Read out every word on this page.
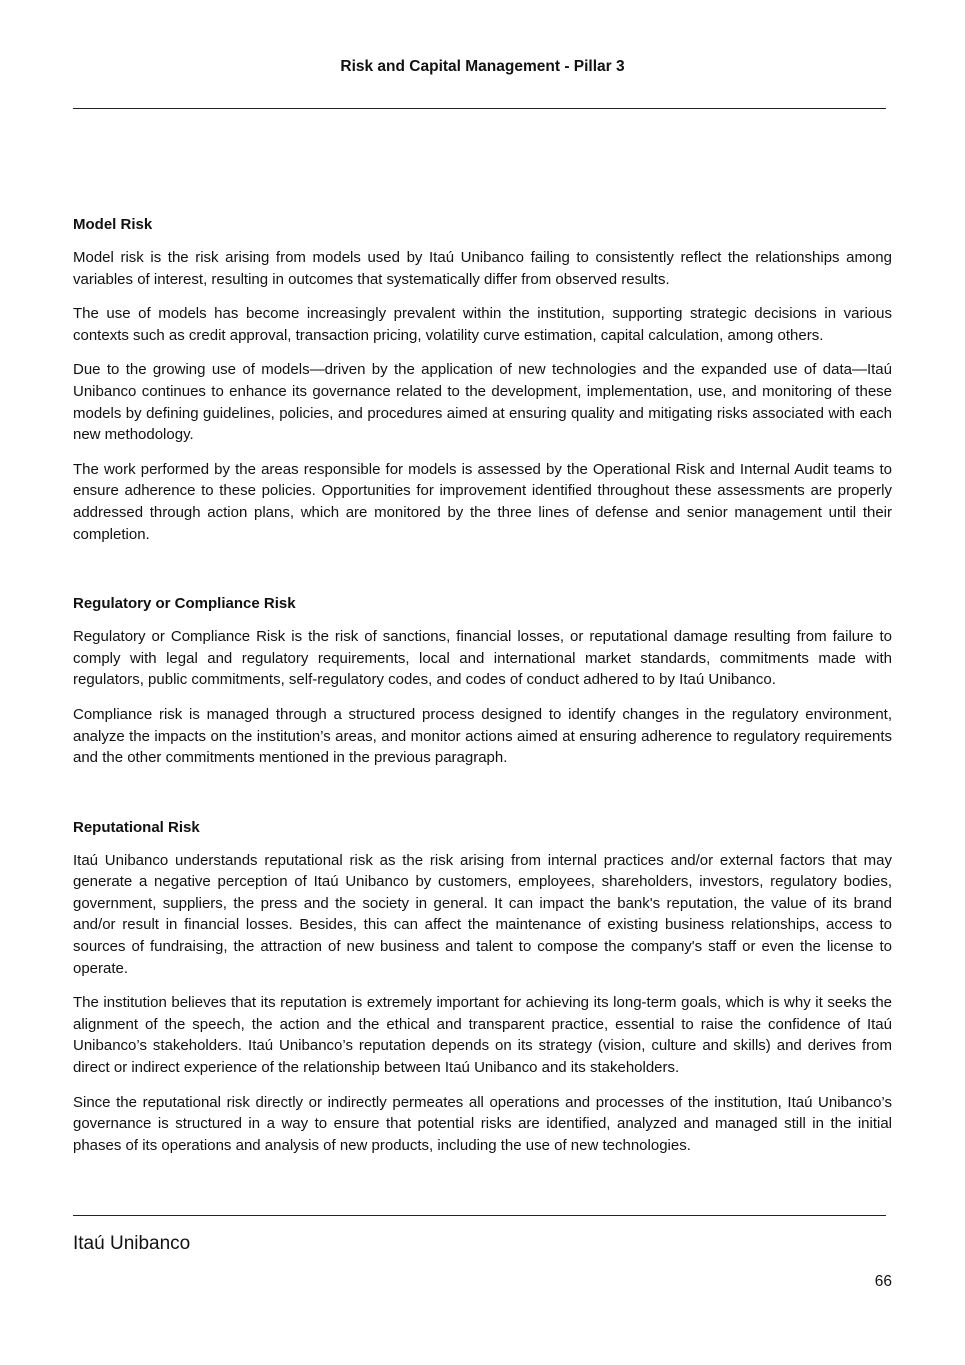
Risk and Capital Management - Pillar 3
Model Risk

Model risk is the risk arising from models used by Itaú Unibanco failing to consistently reflect the relationships among variables of interest, resulting in outcomes that systematically differ from observed results.

The use of models has become increasingly prevalent within the institution, supporting strategic decisions in various contexts such as credit approval, transaction pricing, volatility curve estimation, capital calculation, among others.

Due to the growing use of models—driven by the application of new technologies and the expanded use of data—Itaú Unibanco continues to enhance its governance related to the development, implementation, use, and monitoring of these models by defining guidelines, policies, and procedures aimed at ensuring quality and mitigating risks associated with each new methodology.

The work performed by the areas responsible for models is assessed by the Operational Risk and Internal Audit teams to ensure adherence to these policies. Opportunities for improvement identified throughout these assessments are properly addressed through action plans, which are monitored by the three lines of defense and senior management until their completion.

Regulatory or Compliance Risk

Regulatory or Compliance Risk is the risk of sanctions, financial losses, or reputational damage resulting from failure to comply with legal and regulatory requirements, local and international market standards, commitments made with regulators, public commitments, self-regulatory codes, and codes of conduct adhered to by Itaú Unibanco.

Compliance risk is managed through a structured process designed to identify changes in the regulatory environment, analyze the impacts on the institution’s areas, and monitor actions aimed at ensuring adherence to regulatory requirements and the other commitments mentioned in the previous paragraph.

Reputational Risk

Itaú Unibanco understands reputational risk as the risk arising from internal practices and/or external factors that may generate a negative perception of Itaú Unibanco by customers, employees, shareholders, investors, regulatory bodies, government, suppliers, the press and the society in general. It can impact the bank's reputation, the value of its brand and/or result in financial losses. Besides, this can affect the maintenance of existing business relationships, access to sources of fundraising, the attraction of new business and talent to compose the company's staff or even the license to operate.

The institution believes that its reputation is extremely important for achieving its long-term goals, which is why it seeks the alignment of the speech, the action and the ethical and transparent practice, essential to raise the confidence of Itaú Unibanco’s stakeholders. Itaú Unibanco’s reputation depends on its strategy (vision, culture and skills) and derives from direct or indirect experience of the relationship between Itaú Unibanco and its stakeholders.

Since the reputational risk directly or indirectly permeates all operations and processes of the institution, Itaú Unibanco’s governance is structured in a way to ensure that potential risks are identified, analyzed and managed still in the initial phases of its operations and analysis of new products, including the use of new technologies.

Itaú Unibanco
66
